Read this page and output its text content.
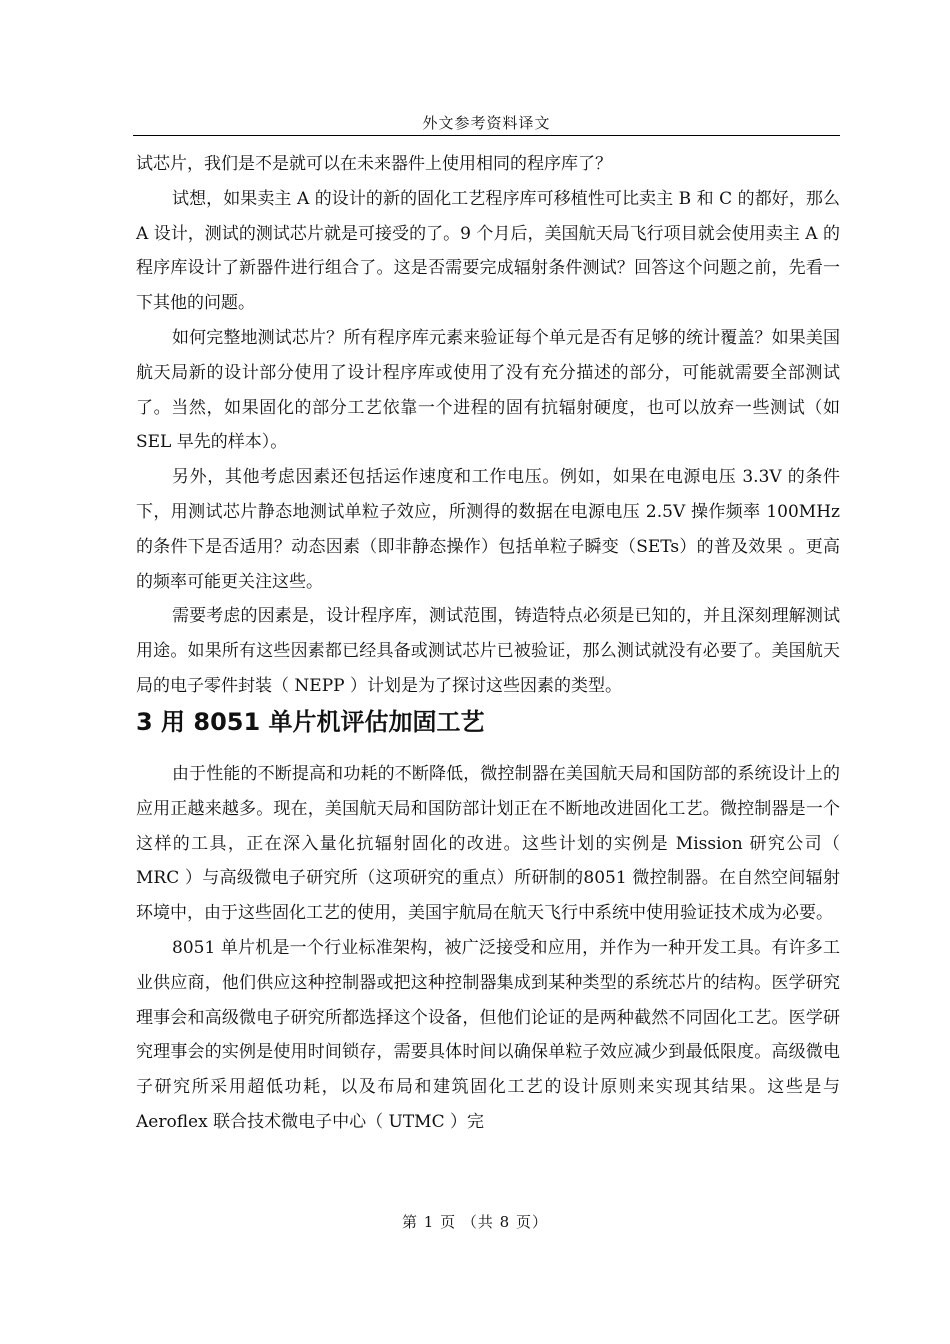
外文参考资料译文

试芯片，我们是不是就可以在未来器件上使用相同的程序库了？

试想，如果卖主 A 的设计的新的固化工艺程序库可移植性可比卖主 B 和 C 的都好，那么 A 设计，测试的测试芯片就是可接受的了。9 个月后，美国航天局飞行项目就会使用卖主 A 的程序库设计了新器件进行组合了。这是否需要完成辐射条件测试？回答这个问题之前，先看一下其他的问题。

如何完整地测试芯片？所有程序库元素来验证每个单元是否有足够的统计覆盖？如果美国航天局新的设计部分使用了设计程序库或使用了没有充分描述的部分，可能就需要全部测试了。当然，如果固化的部分工艺依靠一个进程的固有抗辐射硬度，也可以放弃一些测试（如 SEL 早先的样本）。

另外，其他考虑因素还包括运作速度和工作电压。例如，如果在电源电压 3.3V 的条件下，用测试芯片静态地测试单粒子效应，所测得的数据在电源电压 2.5V 操作频率 100MHz 的条件下是否适用？动态因素（即非静态操作）包括单粒子瞬变（SETs）的普及效果 。更高的频率可能更关注这些。

需要考虑的因素是，设计程序库，测试范围，铸造特点必须是已知的，并且深刻理解测试用途。如果所有这些因素都已经具备或测试芯片已被验证，那么测试就没有必要了。美国航天局的电子零件封装（ NEPP ）计划是为了探讨这些因素的类型。

3 用 8051 单片机评估加固工艺

由于性能的不断提高和功耗的不断降低，微控制器在美国航天局和国防部的系统设计上的应用正越来越多。现在，美国航天局和国防部计划正在不断地改进固化工艺。微控制器是一个这样的工具，正在深入量化抗辐射固化的改进。这些计划的实例是 Mission 研究公司（ MRC ）与高级微电子研究所（这项研究的重点）所研制的8051 微控制器。在自然空间辐射环境中，由于这些固化工艺的使用，美国宇航局在航天飞行中系统中使用验证技术成为必要。

8051 单片机是一个行业标准架构，被广泛接受和应用，并作为一种开发工具。有许多工业供应商，他们供应这种控制器或把这种控制器集成到某种类型的系统芯片的结构。医学研究理事会和高级微电子研究所都选择这个设备，但他们论证的是两种截然不同固化工艺。医学研究理事会的实例是使用时间锁存，需要具体时间以确保单粒子效应减少到最低限度。高级微电子研究所采用超低功耗，以及布局和建筑固化工艺的设计原则来实现其结果。这些是与 Aeroflex 联合技术微电子中心（ UTMC ）完

第 1 页 （共 8 页）
